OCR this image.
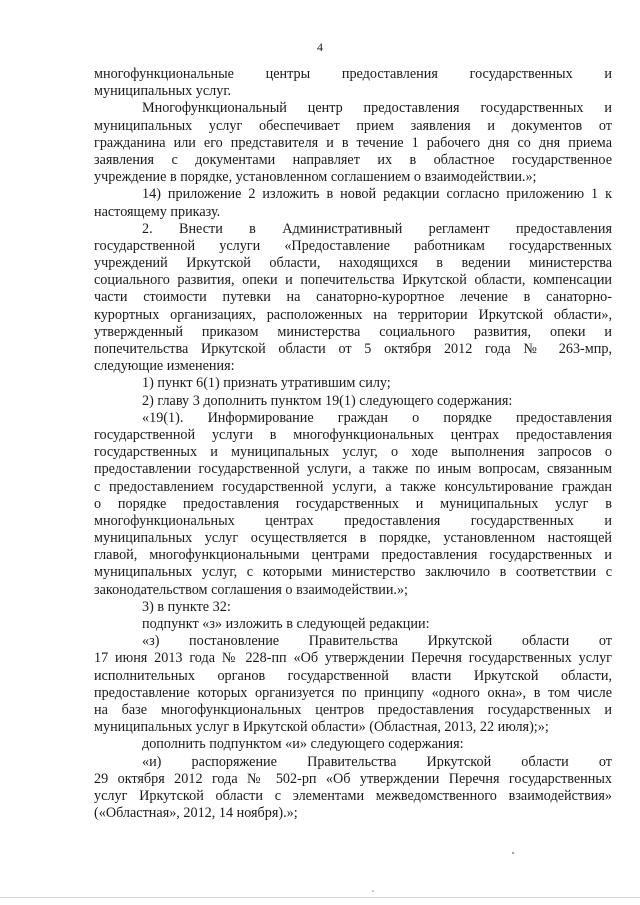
4
многофункциональные центры предоставления государственных и
муниципальных услуг.
Многофункциональный центр предоставления государственных и
муниципальных услуг обеспечивает прием заявления и документов от
гражданина или его представителя и в течение 1 рабочего дня со дня приема
заявления с документами направляет их в областное государственное
учреждение в порядке, установленном соглашением о взаимодействии.»;
14) приложение 2 изложить в новой редакции согласно приложению 1 к
настоящему приказу.
2. Внести в Административный регламент предоставления
государственной услуги «Предоставление работникам государственных
учреждений Иркутской области, находящихся в ведении министерства
социального развития, опеки и попечительства Иркутской области, компенсации
части стоимости путевки на санаторно-курортное лечение в санаторно-
курортных организациях, расположенных на территории Иркутской области»,
утвержденный приказом министерства социального развития, опеки и
попечительства Иркутской области от 5 октября 2012 года № 263-мпр,
следующие изменения:
1) пункт 6(1) признать утратившим силу;
2) главу 3 дополнить пунктом 19(1) следующего содержания:
«19(1). Информирование граждан о порядке предоставления
государственной услуги в многофункциональных центрах предоставления
государственных и муниципальных услуг, о ходе выполнения запросов о
предоставлении государственной услуги, а также по иным вопросам, связанным
с предоставлением государственной услуги, а также консультирование граждан
о порядке предоставления государственных и муниципальных услуг в
многофункциональных центрах предоставления государственных и
муниципальных услуг осуществляется в порядке, установленном настоящей
главой, многофункциональными центрами предоставления государственных и
муниципальных услуг, с которыми министерство заключило в соответствии с
законодательством соглашения о взаимодействии.»;
3) в пункте 32:
подпункт «з» изложить в следующей редакции:
«з) постановление Правительства Иркутской области от
17 июня 2013 года № 228-пп «Об утверждении Перечня государственных услуг
исполнительных органов государственной власти Иркутской области,
предоставление которых организуется по принципу «одного окна», в том числе
на базе многофункциональных центров предоставления государственных и
муниципальных услуг в Иркутской области» (Областная, 2013, 22 июля);»;
дополнить подпунктом «и» следующего содержания:
«и) распоряжение Правительства Иркутской области от
29 октября 2012 года № 502-рп «Об утверждении Перечня государственных
услуг Иркутской области с элементами межведомственного взаимодействия»
(«Областная», 2012, 14 ноября).»;
